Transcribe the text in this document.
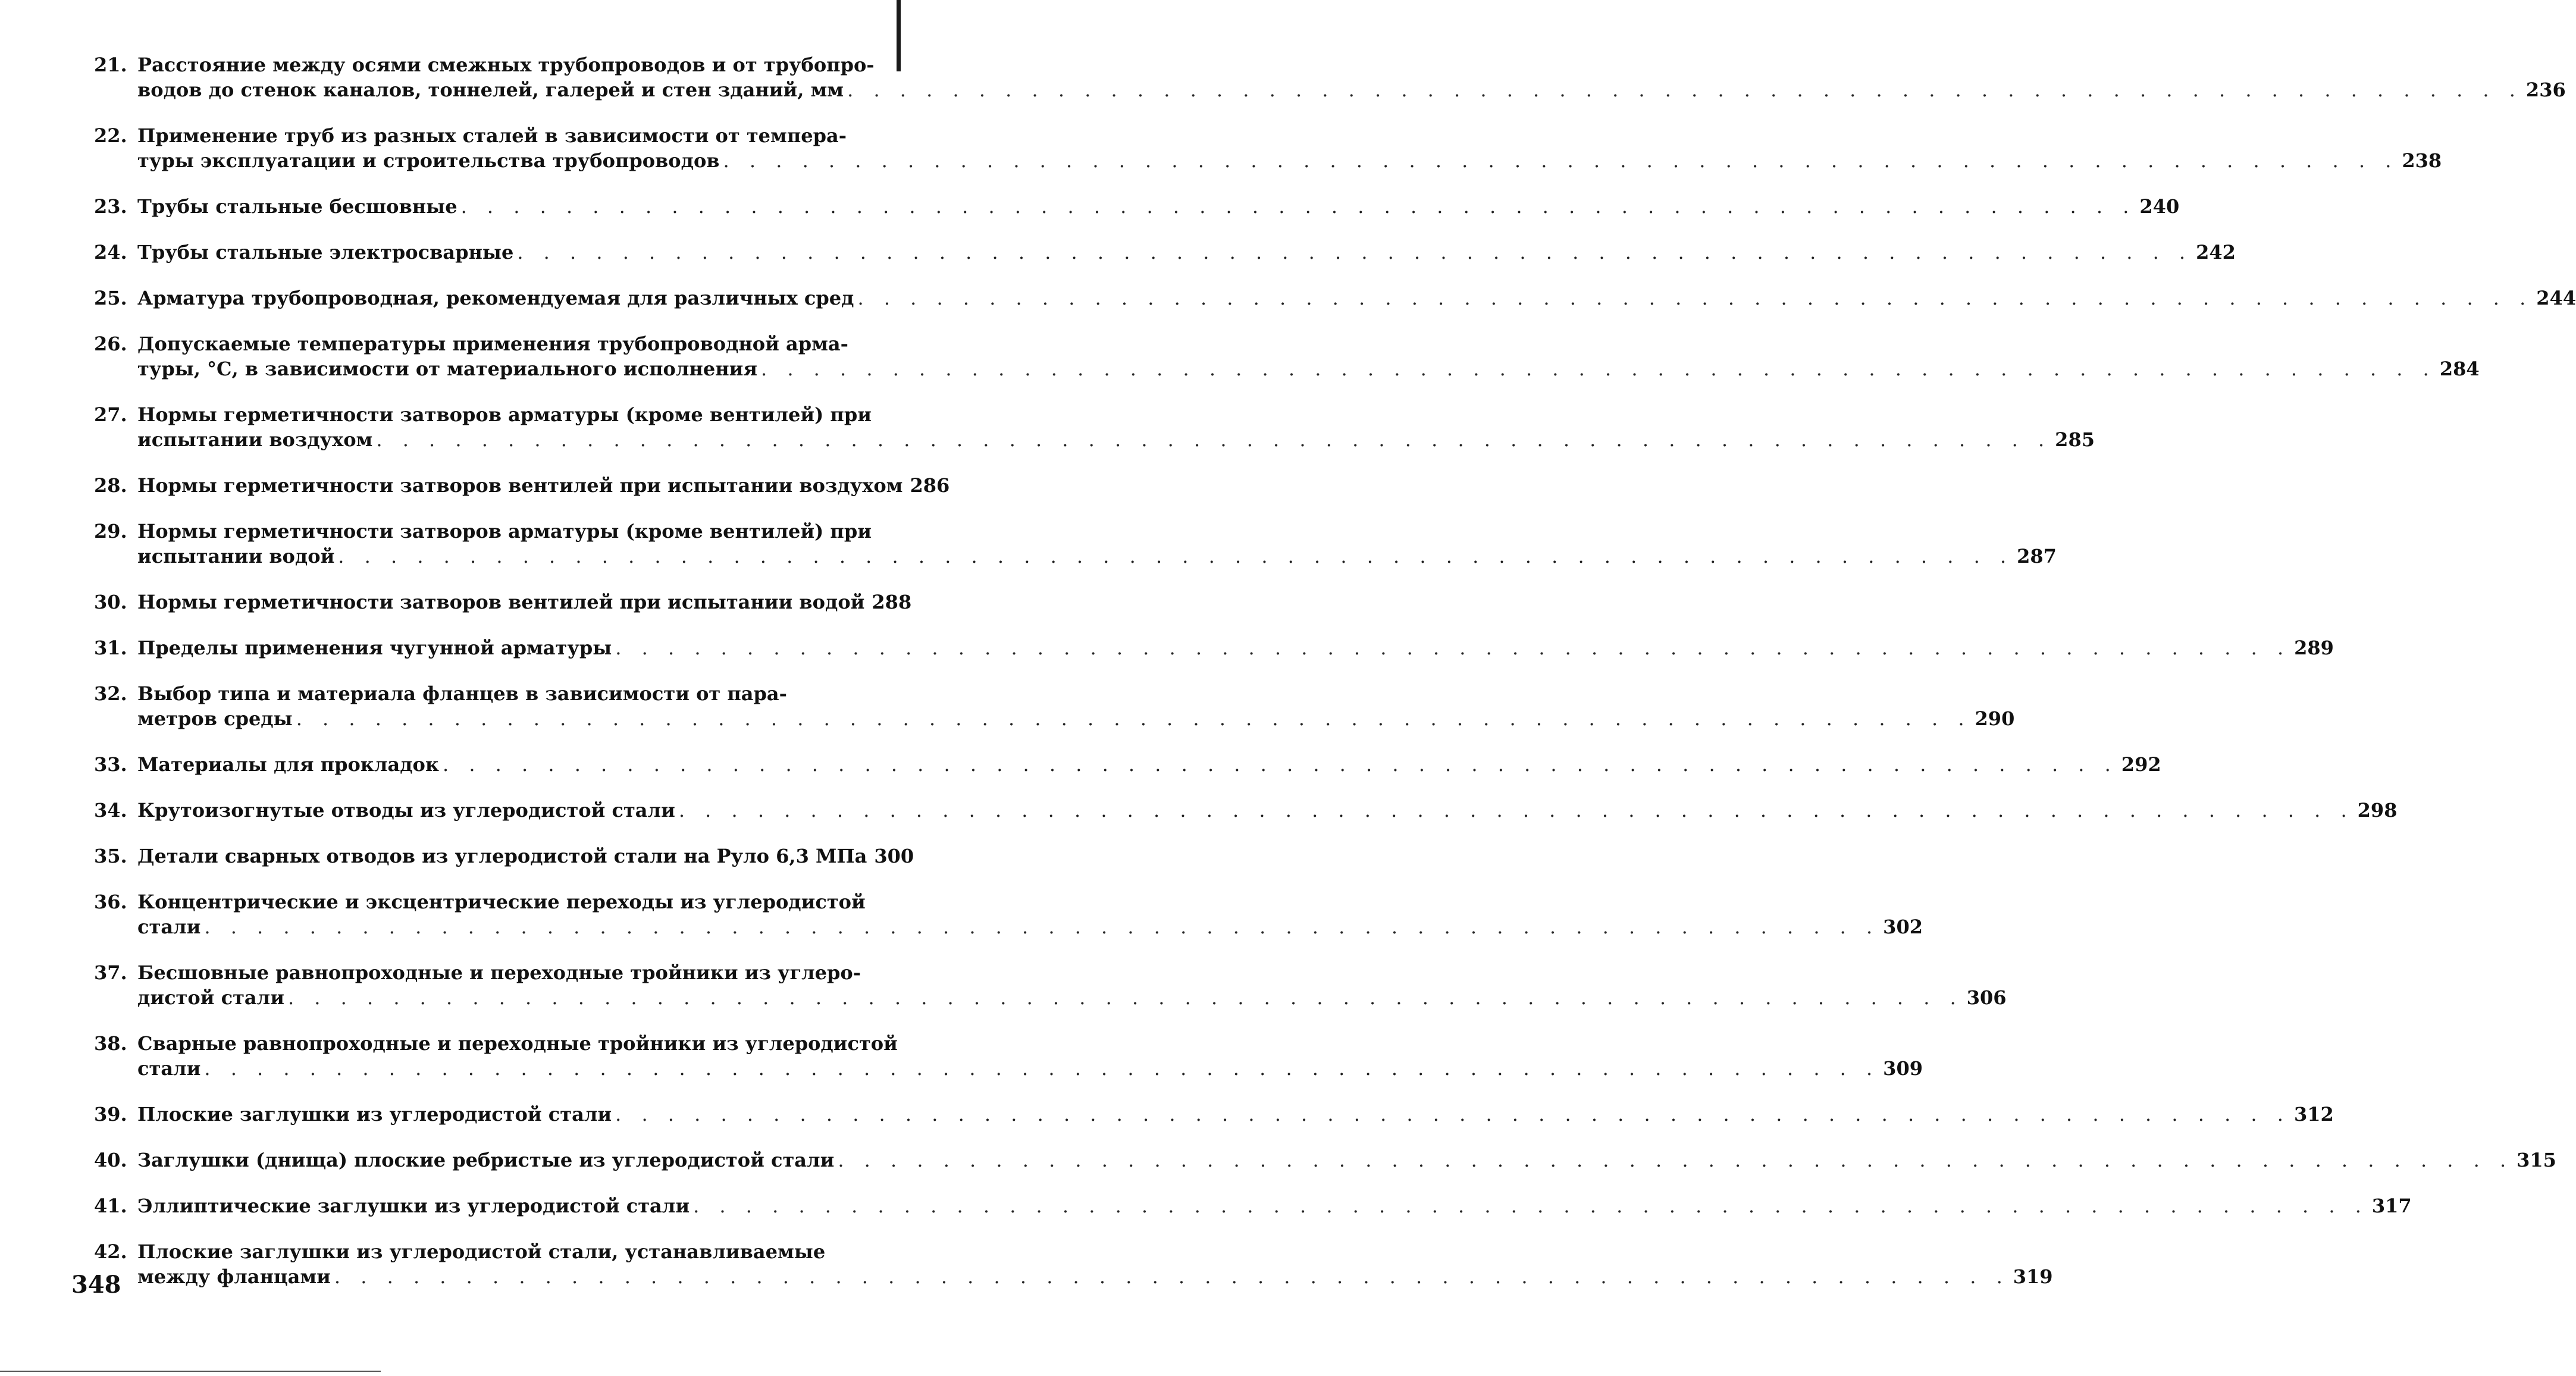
21. Расстояние между осями смежных трубопроводов и от трубопро-
водов до стенок каналов, тоннелей, галерей и стен зданий, мм . . .	236
22. Применение труб из разных сталей в зависимости от темпера-
туры эксплуатации и строительства трубопроводов . . .	238
23. Трубы стальные бесшовные . . .	240
24. Трубы стальные электросварные . . .	242
25. Арматура трубопроводная, рекомендуемая для различных сред . . .	244
26. Допускаемые температуры применения трубопроводной арма-
туры, °С, в зависимости от материального исполнения . . .	284
27. Нормы герметичности затворов арматуры (кроме вентилей) при
испытании воздухом . . .	285
28. Нормы герметичности затворов вентилей при испытании воздухом 286
29. Нормы герметичности затворов арматуры (кроме вентилей) при
испытании водой . . .	287
30. Нормы герметичности затворов вентилей при испытании водой 288
31. Пределы применения чугунной арматуры . . .	289
32. Выбор типа и материала фланцев в зависимости от пара-
метров среды . . .	290
33. Материалы для прокладок . . .	292
34. Крутоизогнутые отводы из углеродистой стали . . .	298
35. Детали сварных отводов из углеродистой стали на Руло 6,3 МПа 300
36. Концентрические и эксцентрические переходы из углеродистой
стали . . .	302
37. Бесшовные равнопроходные и переходные тройники из углеро-
дистой стали . . .	306
38. Сварные равнопроходные и переходные тройники из углеродистой
стали . . .	309
39. Плоские заглушки из углеродистой стали . . .	312
40. Заглушки (днища) плоские ребристые из углеродистой стали . . .	315
41. Эллиптические заглушки из углеродистой стали . . .	317
42. Плоские заглушки из углеродистой стали, устанавливаемые
между фланцами . . .	319
348
